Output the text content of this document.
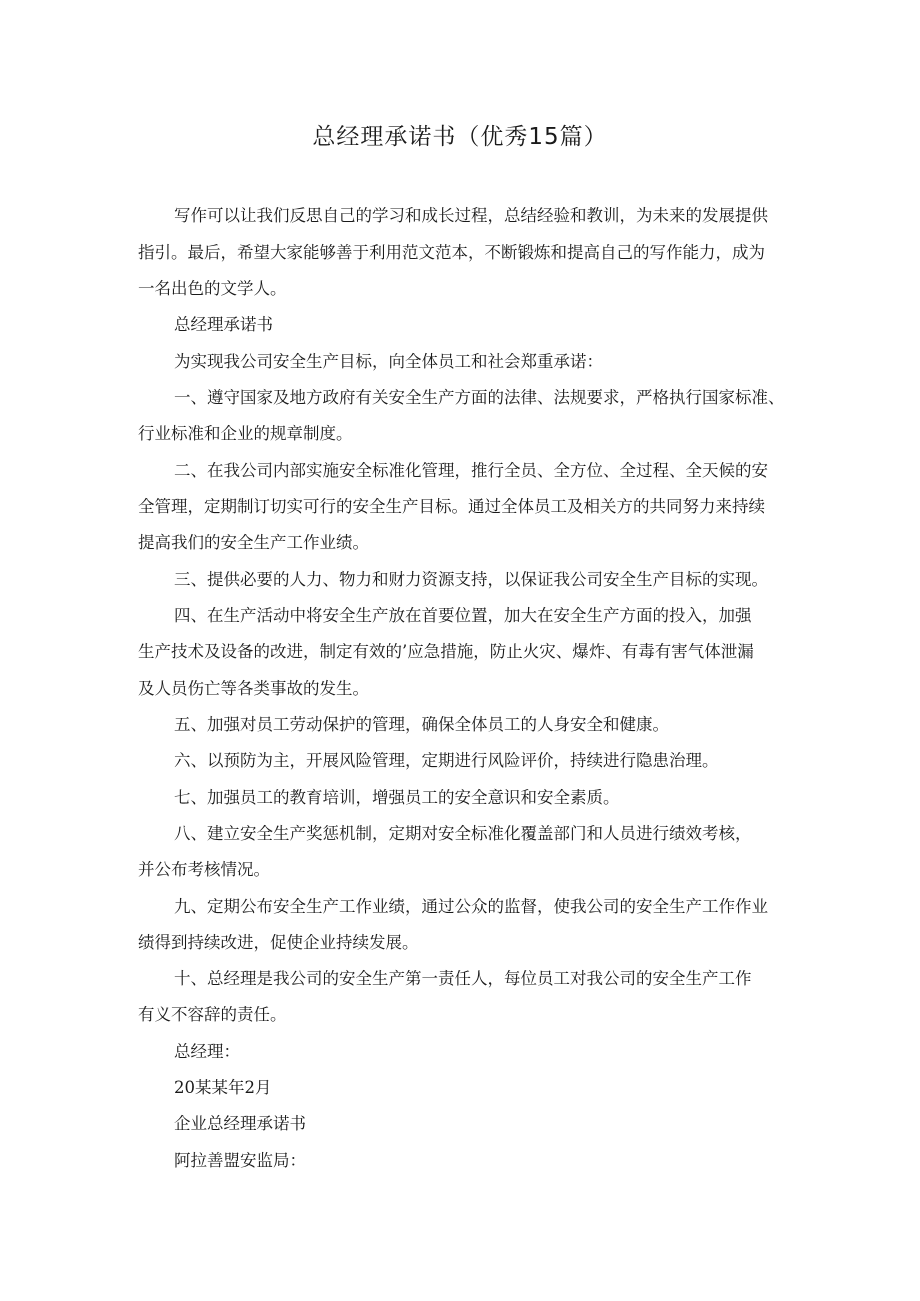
总经理承诺书（优秀15篇）
写作可以让我们反思自己的学习和成长过程，总结经验和教训，为未来的发展提供
指引。最后，希望大家能够善于利用范文范本，不断锻炼和提高自己的写作能力，成为
一名出色的文学人。
总经理承诺书
为实现我公司安全生产目标，向全体员工和社会郑重承诺：
一、遵守国家及地方政府有关安全生产方面的法律、法规要求，严格执行国家标准、
行业标准和企业的规章制度。
二、在我公司内部实施安全标准化管理，推行全员、全方位、全过程、全天候的安
全管理，定期制订切实可行的安全生产目标。通过全体员工及相关方的共同努力来持续
提高我们的安全生产工作业绩。
三、提供必要的人力、物力和财力资源支持，以保证我公司安全生产目标的实现。
四、在生产活动中将安全生产放在首要位置，加大在安全生产方面的投入，加强
生产技术及设备的改进，制定有效的’应急措施，防止火灾、爆炸、有毒有害气体泄漏
及人员伤亡等各类事故的发生。
五、加强对员工劳动保护的管理，确保全体员工的人身安全和健康。
六、以预防为主，开展风险管理，定期进行风险评价，持续进行隐患治理。
七、加强员工的教育培训，增强员工的安全意识和安全素质。
八、建立安全生产奖惩机制，定期对安全标准化覆盖部门和人员进行绩效考核，
并公布考核情况。
九、定期公布安全生产工作业绩，通过公众的监督，使我公司的安全生产工作作业
绩得到持续改进，促使企业持续发展。
十、总经理是我公司的安全生产第一责任人，每位员工对我公司的安全生产工作
有义不容辞的责任。
总经理：
20某某年2月
企业总经理承诺书
阿拉善盟安监局：
